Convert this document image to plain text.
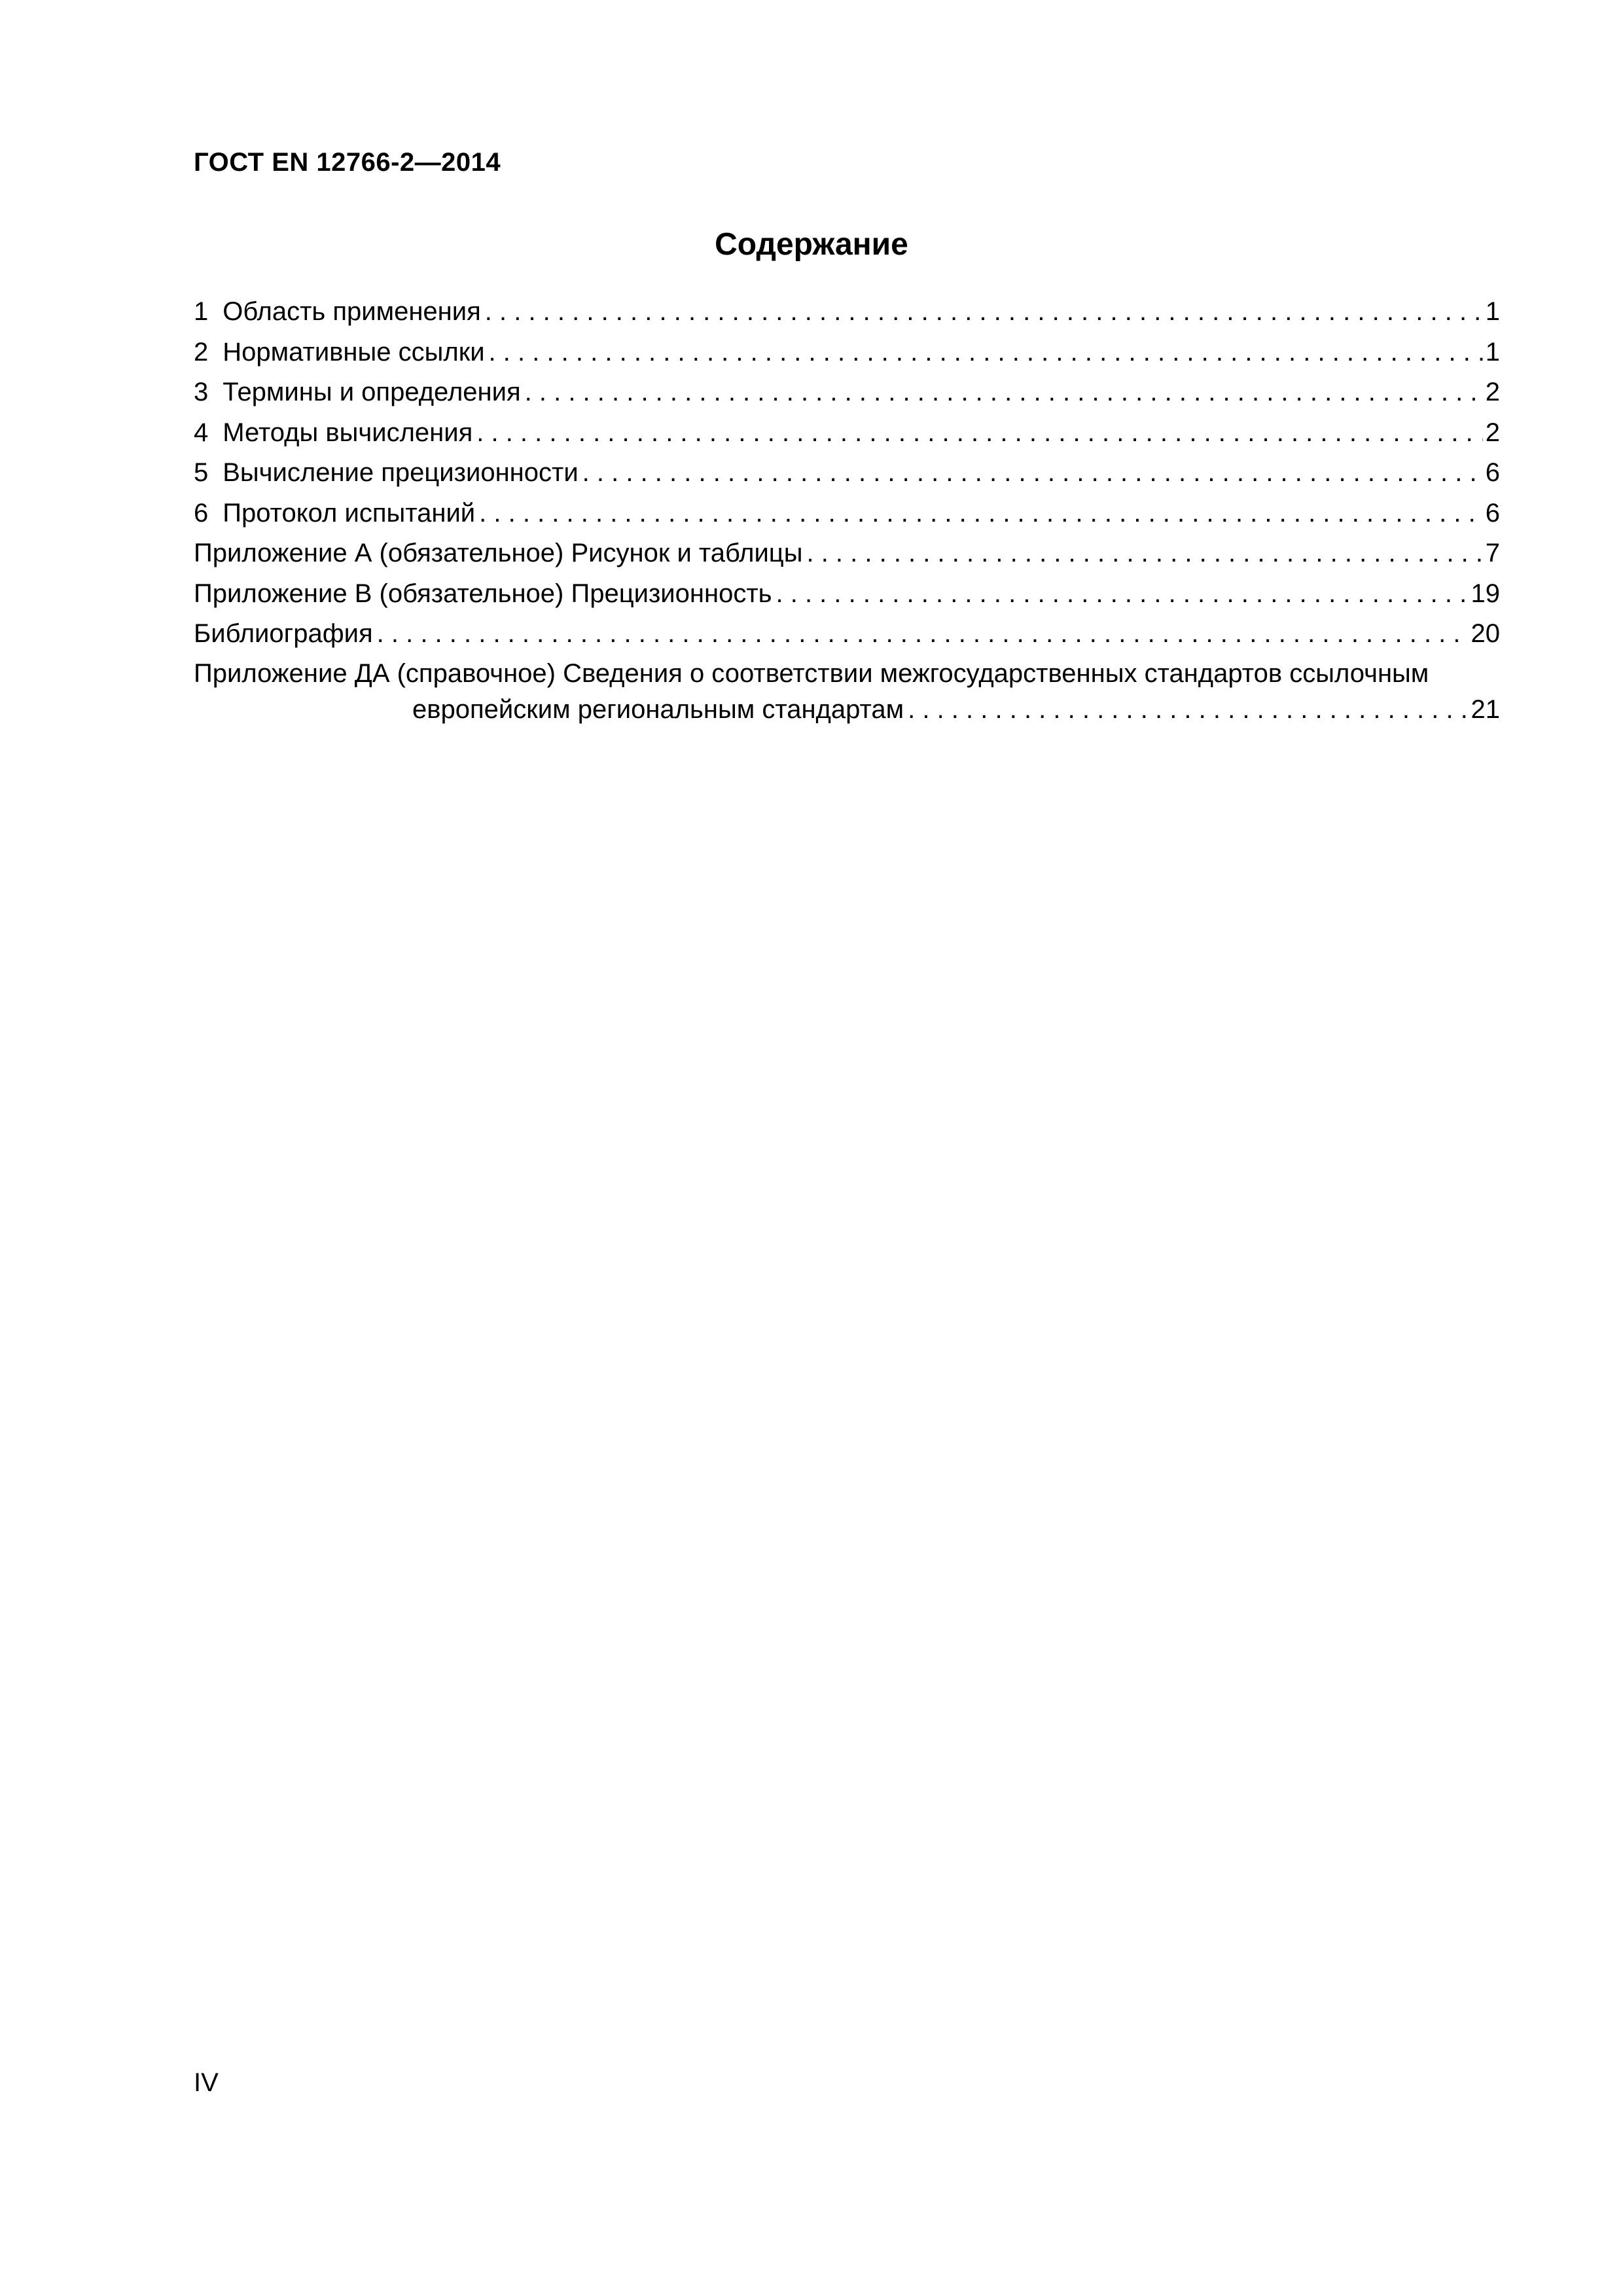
ГОСТ EN 12766-2—2014
Содержание
1 Область применения . . .	1
2 Нормативные ссылки . . .	1
3 Термины и определения . . .	2
4 Методы вычисления . . .	2
5 Вычисление прецизионности . . .	6
6 Протокол испытаний . . .	6
Приложение А (обязательное) Рисунок и таблицы . . .	7
Приложение В (обязательное) Прецизионность . . .	19
Библиография . . .	20
Приложение ДА (справочное) Сведения о соответствии межгосударственных стандартов ссылочным
европейским региональным стандартам . . .	21
IV
